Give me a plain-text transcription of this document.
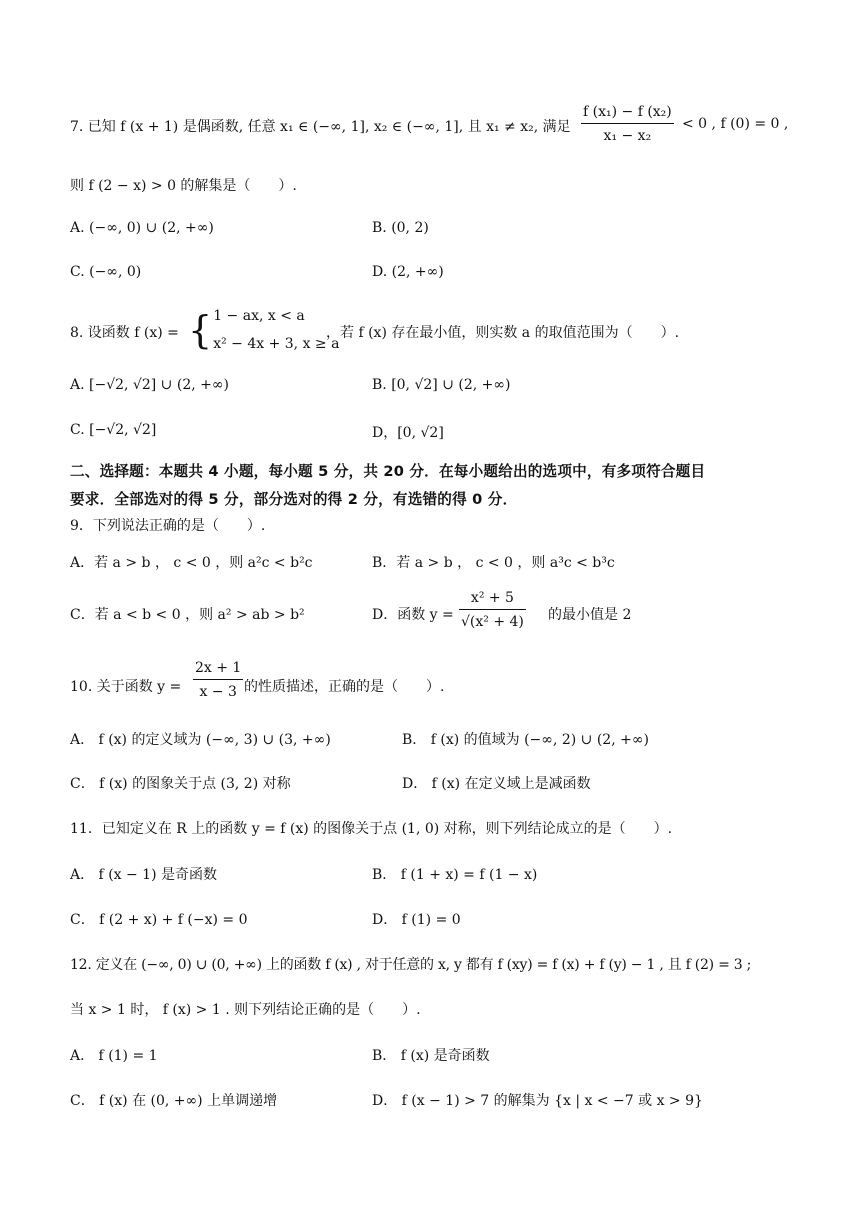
7. 已知 f (x + 1) 是偶函数, 任意 x₁ ∈ (−∞, 1], x₂ ∈ (−∞, 1], 且 x₁ ≠ x₂, 满足 $\frac{\text{f (x₁) − f (x₂)}}{\text{x₁ − x₂}} < 0$ , f (0) = 0 ,
则 f (2 − x) > 0 的解集是（　　）.
A. (−∞, 0) ∪ (2, +∞)	B. (0, 2)
C. (−∞, 0)	D. (2, +∞)
8. 设函数 f (x) = { 1 − ax, x < a
x² − 4x + 3, x ≥ a
，若 f (x) 存在最小值，则实数 a 的取值范围为（　　）.
A. [−√2, √2] ∪ (2, +∞)	B. [0, √2] ∪ (2, +∞)
C. [−√2, √2]	D，[0, √2]
二、选择题：本题共 4 小题，每小题 5 分，共 20 分．在每小题给出的选项中，有多项符合题目
要求．全部选对的得 5 分，部分选对的得 2 分，有选错的得 0 分．
9．下列说法正确的是（　　）.
A．若 a > b ， c < 0 ，则 a²c < b²c	B．若 a > b ， c < 0 ，则 a³c < b³c
C．若 a < b < 0 ，则 a² > ab > b²	D．函数 $y = \frac{\text{x² + 5}}{\text{√(x² + 4)}}$ 的最小值是 2
10. 关于函数 $y = \frac{2x + 1}{x - 3}$ 的性质描述，正确的是（　　）.
A． f (x) 的定义域为 (−∞, 3) ∪ (3, +∞)	B． f (x) 的值域为 (−∞, 2) ∪ (2, +∞)
C． f (x) 的图象关于点 (3, 2) 对称	D． f (x) 在定义域上是减函数
11．已知定义在 R 上的函数 y = f (x) 的图像关于点 (1, 0) 对称，则下列结论成立的是（　　）.
A． f (x − 1) 是奇函数	B． f (1 + x) = f (1 − x)
C． f (2 + x) + f (−x) = 0	D． f (1) = 0
12. 定义在 (−∞, 0) ∪ (0, +∞) 上的函数 f (x) , 对于任意的 x, y 都有 f (xy) = f (x) + f (y) − 1 , 且 f (2) = 3 ;
当 x > 1 时， f (x) > 1 . 则下列结论正确的是（　　）.
A． f (1) = 1	B． f (x) 是奇函数
C． f (x) 在 (0, +∞) 上单调递增	D． f (x − 1) > 7 的解集为 {x | x < −7 或 x > 9}
